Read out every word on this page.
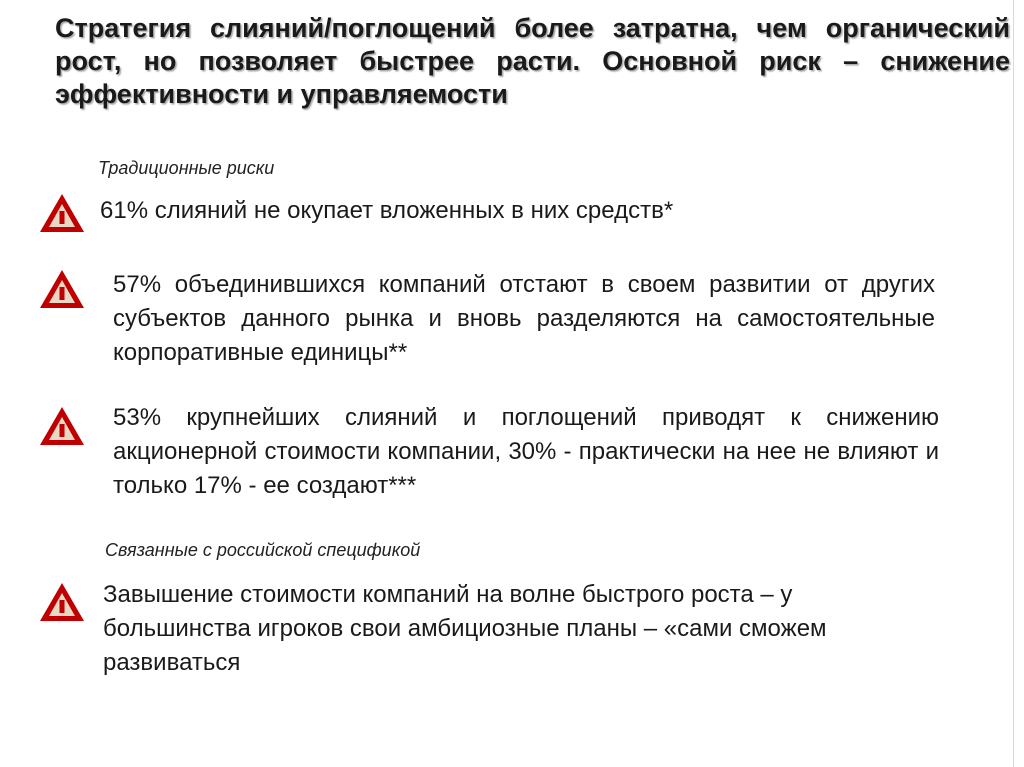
Стратегия слияний/поглощений более затратна, чем органический рост, но позволяет быстрее расти. Основной риск – снижение эффективности и управляемости
Традиционные риски

61% слияний не окупает вложенных в них средств*

57% объединившихся компаний отстают в своем развитии от других субъектов данного рынка и вновь разделяются на самостоятельные корпоративные единицы**

53% крупнейших слияний и поглощений приводят к снижению акционерной стоимости компании, 30% - практически на нее не влияют и только 17% - ее создают***

Связанные с российской спецификой

Завышение стоимости компаний на волне быстрого роста – у большинства игроков свои амбициозные планы – «сами сможем развиваться
